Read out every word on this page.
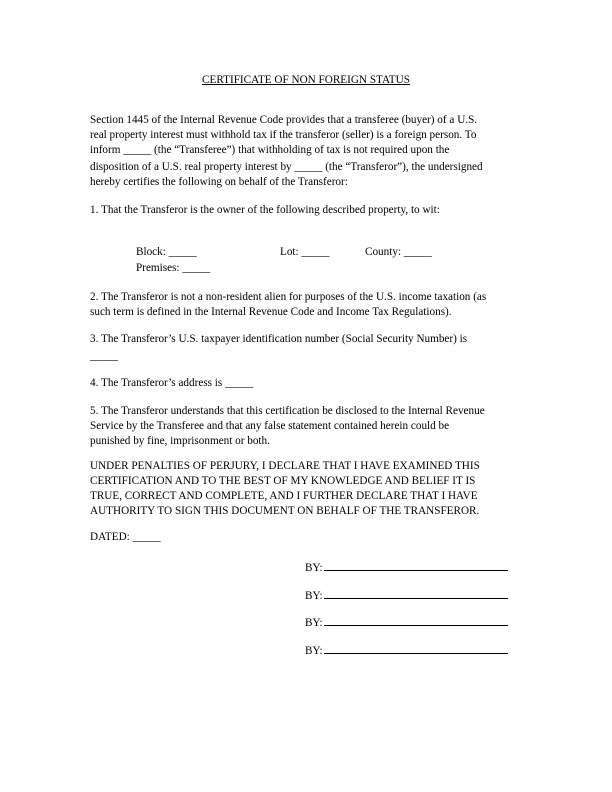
CERTIFICATE OF NON FOREIGN STATUS
Section 1445 of the Internal Revenue Code provides that a transferee (buyer) of a U.S.
real property interest must withhold tax if the transferor (seller) is a foreign person. To
inform _____ (the “Transferee”) that withholding of tax is not required upon the
disposition of a U.S. real property interest by _____ (the “Transferor”), the undersigned
hereby certifies the following on behalf of the Transferor:
1. That the Transferor is the owner of the following described property, to wit:
Block: _____	Lot: _____	County: _____
Premises: _____
2. The Transferor is not a non-resident alien for purposes of the U.S. income taxation (as
such term is defined in the Internal Revenue Code and Income Tax Regulations).
3. The Transferor’s U.S. taxpayer identification number (Social Security Number) is
_____
4. The Transferor’s address is _____
5. The Transferor understands that this certification be disclosed to the Internal Revenue
Service by the Transferee and that any false statement contained herein could be
punished by fine, imprisonment or both.
UNDER PENALTIES OF PERJURY, I DECLARE THAT I HAVE EXAMINED THIS
CERTIFICATION AND TO THE BEST OF MY KNOWLEDGE AND BELIEF IT IS
TRUE, CORRECT AND COMPLETE, AND I FURTHER DECLARE THAT I HAVE
AUTHORITY TO SIGN THIS DOCUMENT ON BEHALF OF THE TRANSFEROR.
DATED: _____
BY:
BY:
BY:
BY:
